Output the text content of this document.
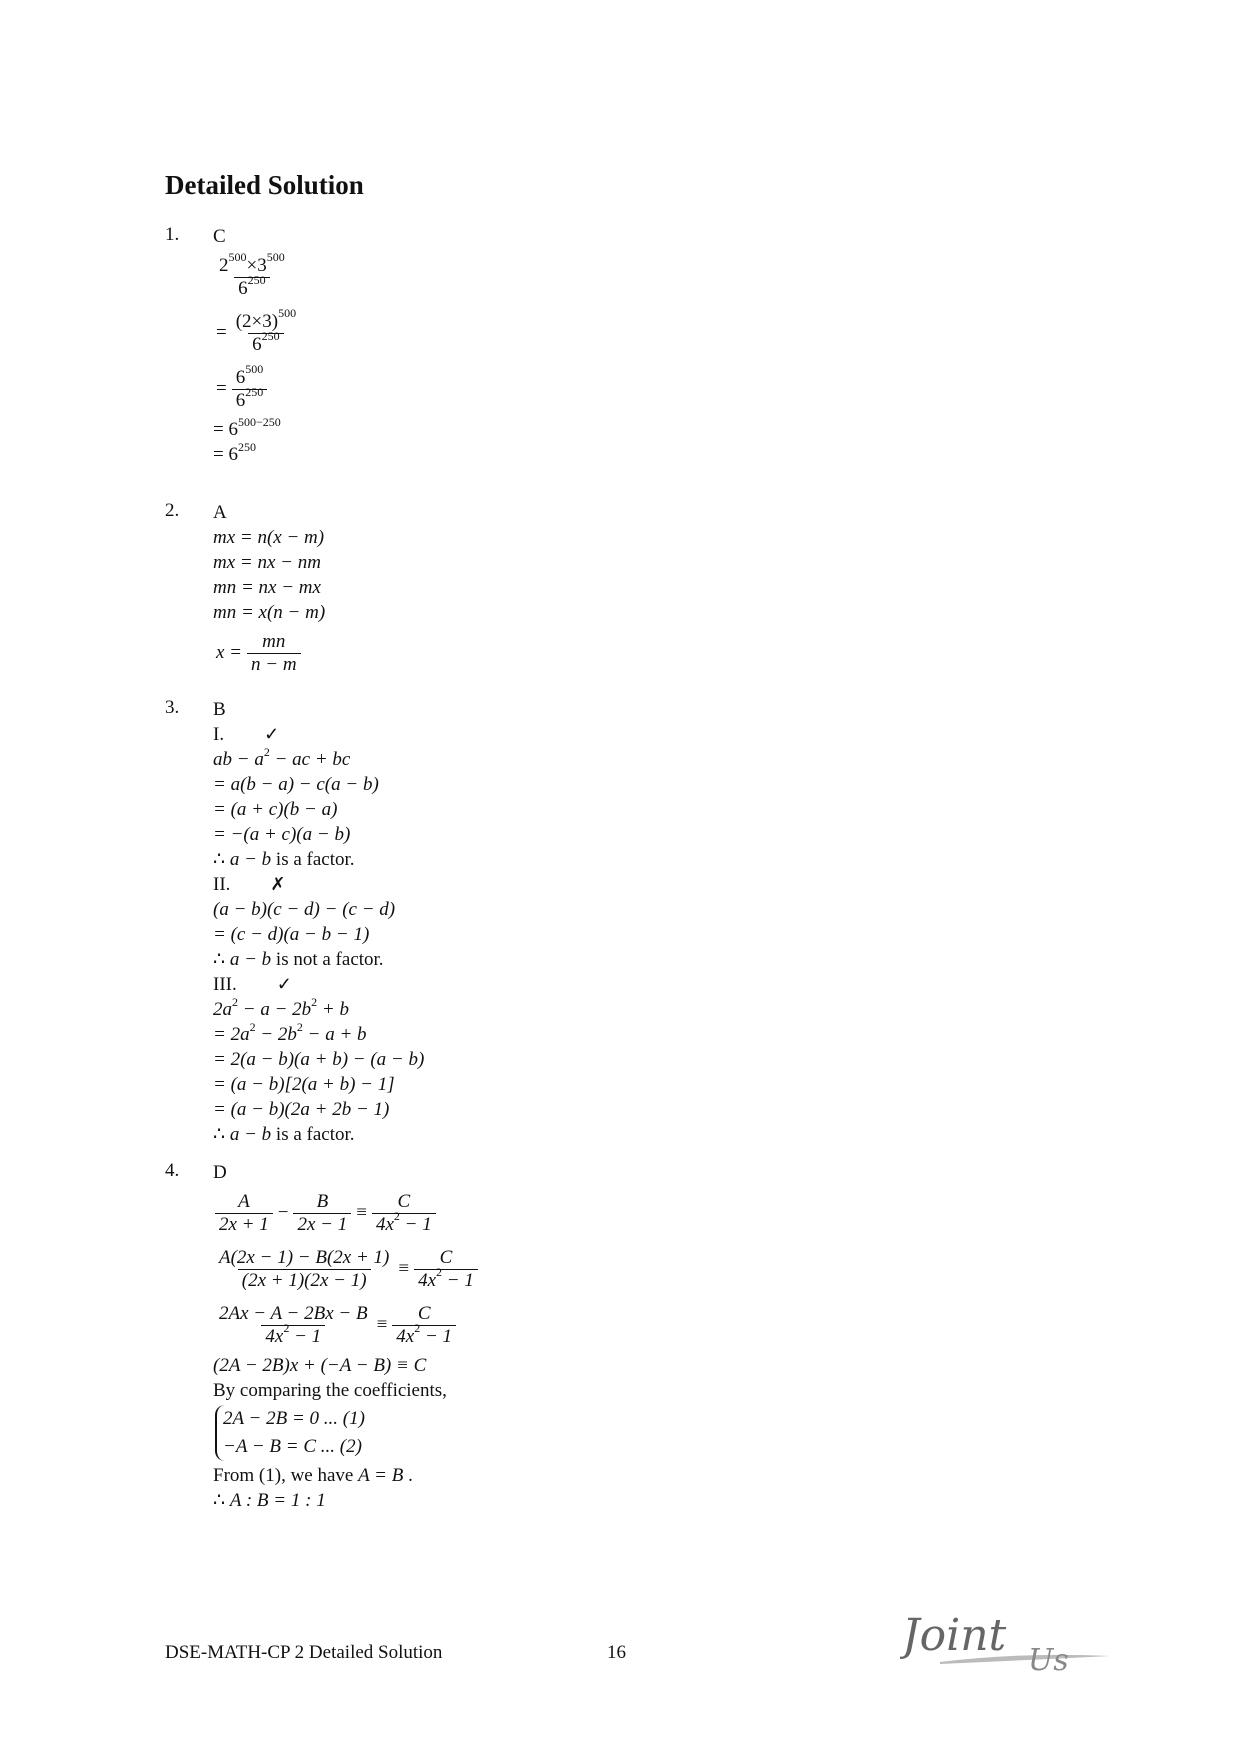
Detailed Solution
1. C
$\frac{2^{500}\times 3^{500}}{6^{250}}$
= $\frac{(2\times 3)^{500}}{6^{250}}$
= $\frac{6^{500}}{6^{250}}$
= $6^{500-250}$
= $6^{250}$
2. A
mx = n(x − m)
mx = nx − nm
mn = nx − mx
mn = x(n − m)
$x = \frac{mn}{n - m}$
3. B
I. ✓
ab − $a^2$ − ac + bc
= a(b − a) − c(a − b)
= (a + c)(b − a)
= −(a + c)(a − b)
∴ a − b is a factor.
II. ✗
(a − b)(c − d) − (c − d)
= (c − d)(a − b − 1)
∴ a − b is not a factor.
III. ✓
$2a^2 - a - 2b^2 + b$
= $2a^2 - 2b^2 - a + b$
= 2(a − b)(a + b) − (a − b)
= (a − b)[2(a + b) − 1]
= (a − b)(2a + 2b − 1)
∴ a − b is a factor.
4. D
$\frac{A}{2x + 1} - \frac{B}{2x - 1} \equiv \frac{C}{4x^2 - 1}$
$\frac{A(2x - 1) - B(2x + 1)}{(2x + 1)(2x - 1)} \equiv \frac{C}{4x^2 - 1}$
$\frac{2Ax - A - 2Bx - B}{4x^2 - 1} \equiv \frac{C}{4x^2 - 1}$
(2A − 2B)x + (−A − B) ≡ C
By comparing the coefficients,
2A − 2B = 0 ... (1)
−A − B = C ... (2)
From (1), we have A = B .
∴ A : B = 1 : 1
DSE-MATH-CP 2 Detailed Solution	16	Joint Us
